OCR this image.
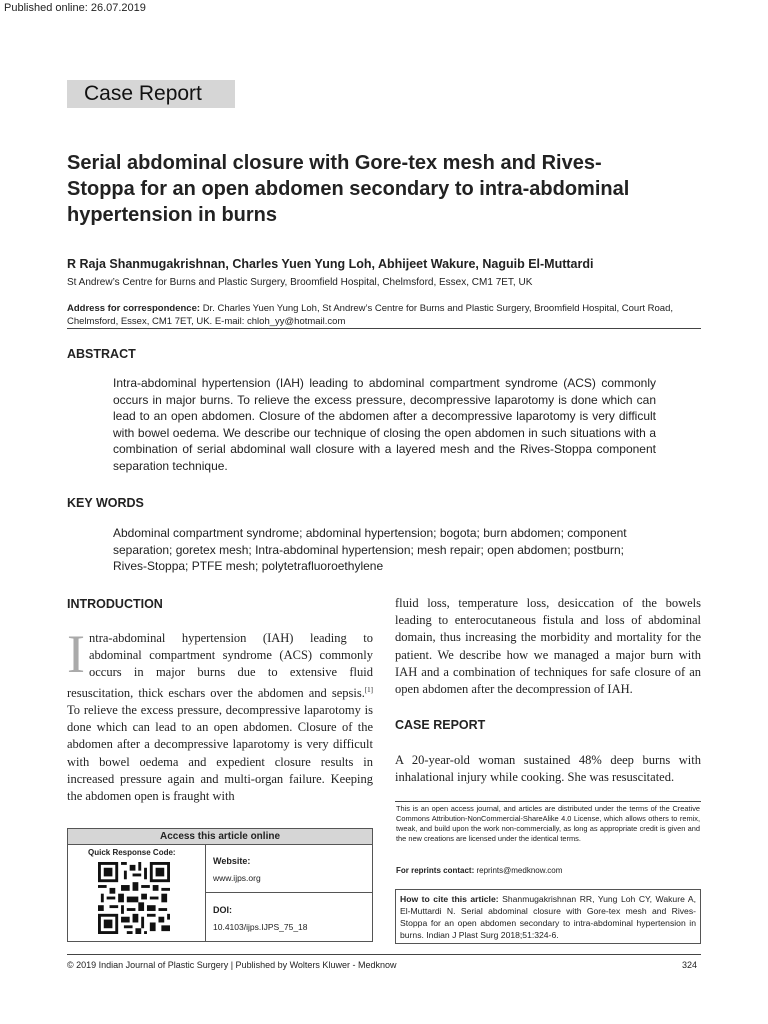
Published online: 26.07.2019
Case Report
Serial abdominal closure with Gore-tex mesh and Rives-Stoppa for an open abdomen secondary to intra-abdominal hypertension in burns
R Raja Shanmugakrishnan, Charles Yuen Yung Loh, Abhijeet Wakure, Naguib El-Muttardi
St Andrew’s Centre for Burns and Plastic Surgery, Broomfield Hospital, Chelmsford, Essex, CM1 7ET, UK
Address for correspondence: Dr. Charles Yuen Yung Loh, St Andrew’s Centre for Burns and Plastic Surgery, Broomfield Hospital, Court Road, Chelmsford, Essex, CM1 7ET, UK. E-mail: chloh_yy@hotmail.com
ABSTRACT
Intra-abdominal hypertension (IAH) leading to abdominal compartment syndrome (ACS) commonly occurs in major burns. To relieve the excess pressure, decompressive laparotomy is done which can lead to an open abdomen. Closure of the abdomen after a decompressive laparotomy is very difficult with bowel oedema. We describe our technique of closing the open abdomen in such situations with a combination of serial abdominal wall closure with a layered mesh and the Rives-Stoppa component separation technique.
KEY WORDS
Abdominal compartment syndrome; abdominal hypertension; bogota; burn abdomen; component separation; goretex mesh; Intra-abdominal hypertension; mesh repair; open abdomen; postburn; Rives-Stoppa; PTFE mesh; polytetrafluoroethylene
INTRODUCTION
Intra-abdominal hypertension (IAH) leading to abdominal compartment syndrome (ACS) commonly occurs in major burns due to extensive fluid resuscitation, thick eschars over the abdomen and sepsis.[1] To relieve the excess pressure, decompressive laparotomy is done which can lead to an open abdomen. Closure of the abdomen after a decompressive laparotomy is very difficult with bowel oedema and expedient closure results in increased pressure again and multi-organ failure. Keeping the abdomen open is fraught with
fluid loss, temperature loss, desiccation of the bowels leading to enterocutaneous fistula and loss of abdominal domain, thus increasing the morbidity and mortality for the patient. We describe how we managed a major burn with IAH and a combination of techniques for safe closure of an open abdomen after the decompression of IAH.
CASE REPORT
A 20-year-old woman sustained 48% deep burns with inhalational injury while cooking. She was resuscitated.
Access this article online
Quick Response Code:
Website:
www.ijps.org
DOI:
10.4103/ijps.IJPS_75_18
This is an open access journal, and articles are distributed under the terms of the Creative Commons Attribution-NonCommercial-ShareAlike 4.0 License, which allows others to remix, tweak, and build upon the work non-commercially, as long as appropriate credit is given and the new creations are licensed under the identical terms.
For reprints contact: reprints@medknow.com
How to cite this article: Shanmugakrishnan RR, Yung Loh CY, Wakure A, El-Muttardi N. Serial abdominal closure with Gore-tex mesh and Rives-Stoppa for an open abdomen secondary to intra-abdominal hypertension in burns. Indian J Plast Surg 2018;51:324-6.
© 2019 Indian Journal of Plastic Surgery | Published by Wolters Kluwer - Medknow	324
